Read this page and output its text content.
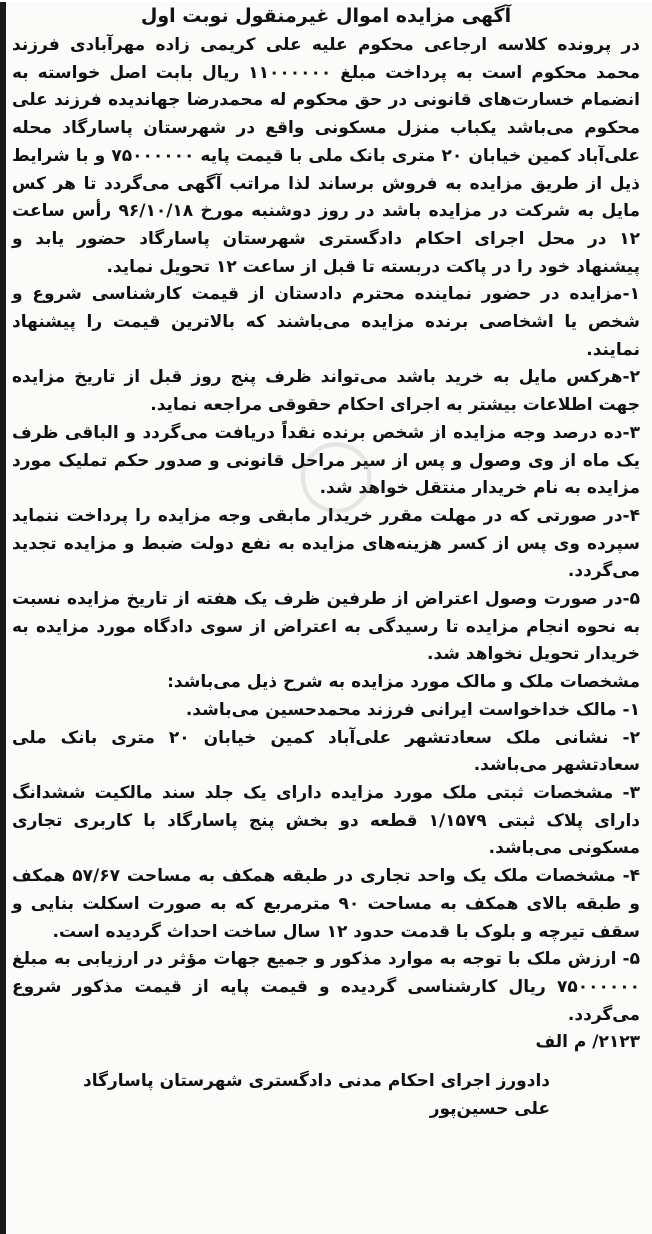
آگهی مزایده اموال غیرمنقول نوبت اول

در پرونده کلاسه ارجاعی محکوم علیه علی کریمی زاده مهرآبادی فرزند محمد محکوم است به پرداخت مبلغ ۱۱۰۰۰۰۰۰ ریال بابت اصل خواسته به انضمام خسارت‌های قانونی در حق محکوم له محمدرضا جهاندیده فرزند علی محکوم می‌باشد یکباب منزل مسکونی واقع در شهرستان پاسارگاد محله علی‌آباد کمین خیابان ۲۰ متری بانک ملی با قیمت پایه ۷۵۰۰۰۰۰۰ و با شرایط ذیل از طریق مزایده به فروش برساند لذا مراتب آگهی می‌گردد تا هر کس مایل به شرکت در مزایده باشد در روز دوشنبه مورخ ۹۶/۱۰/۱۸ رأس ساعت ۱۲ در محل اجرای احکام دادگستری شهرستان پاسارگاد حضور یابد و پیشنهاد خود را در پاکت دربسته تا قبل از ساعت ۱۲ تحویل نماید.

۱-مزایده در حضور نماینده محترم دادستان از قیمت کارشناسی شروع و شخص یا اشخاصی برنده مزایده می‌باشند که بالاترین قیمت را پیشنهاد نمایند.

۲-هرکس مایل به خرید باشد می‌تواند ظرف پنج روز قبل از تاریخ مزایده جهت اطلاعات بیشتر به اجرای احکام حقوقی مراجعه نماید.

۳-ده درصد وجه مزایده از شخص برنده نقداً دریافت می‌گردد و الباقی ظرف یک ماه از وی وصول و پس از سیر مراحل قانونی و صدور حکم تملیک مورد مزایده به نام خریدار منتقل خواهد شد.

۴-در صورتی که در مهلت مقرر خریدار مابقی وجه مزایده را پرداخت ننماید سپرده وی پس از کسر هزینه‌های مزایده به نفع دولت ضبط و مزایده تجدید می‌گردد.

۵-در صورت وصول اعتراض از طرفین ظرف یک هفته از تاریخ مزایده نسبت به نحوه انجام مزایده تا رسیدگی به اعتراض از سوی دادگاه مورد مزایده به خریدار تحویل نخواهد شد.

مشخصات ملک و مالک مورد مزایده به شرح ذیل می‌باشد:

۱- مالک خداخواست ایرانی فرزند محمدحسین می‌باشد.

۲- نشانی ملک سعادتشهر علی‌آباد کمین خیابان ۲۰ متری بانک ملی سعادتشهر می‌باشد.

۳- مشخصات ثبتی ملک مورد مزایده دارای یک جلد سند مالکیت ششدانگ دارای پلاک ثبتی ۱/۱۵۷۹ قطعه دو بخش پنج پاسارگاد با کاربری تجاری مسکونی می‌باشد.

۴- مشخصات ملک یک واحد تجاری در طبقه همکف به مساحت ۵۷/۶۷ همکف و طبقه بالای همکف به مساحت ۹۰ مترمربع که به صورت اسکلت بنایی و سقف تیرچه و بلوک با قدمت حدود ۱۲ سال ساخت احداث گردیده است.

۵- ارزش ملک با توجه به موارد مذکور و جمیع جهات مؤثر در ارزیابی به مبلغ ۷۵۰۰۰۰۰۰ ریال کارشناسی گردیده و قیمت پایه از قیمت مذکور شروع می‌گردد.

۲۱۲۳/ م الف

دادورز اجرای احکام مدنی دادگستری شهرستان پاسارگاد
علی حسین‌پور
◯
